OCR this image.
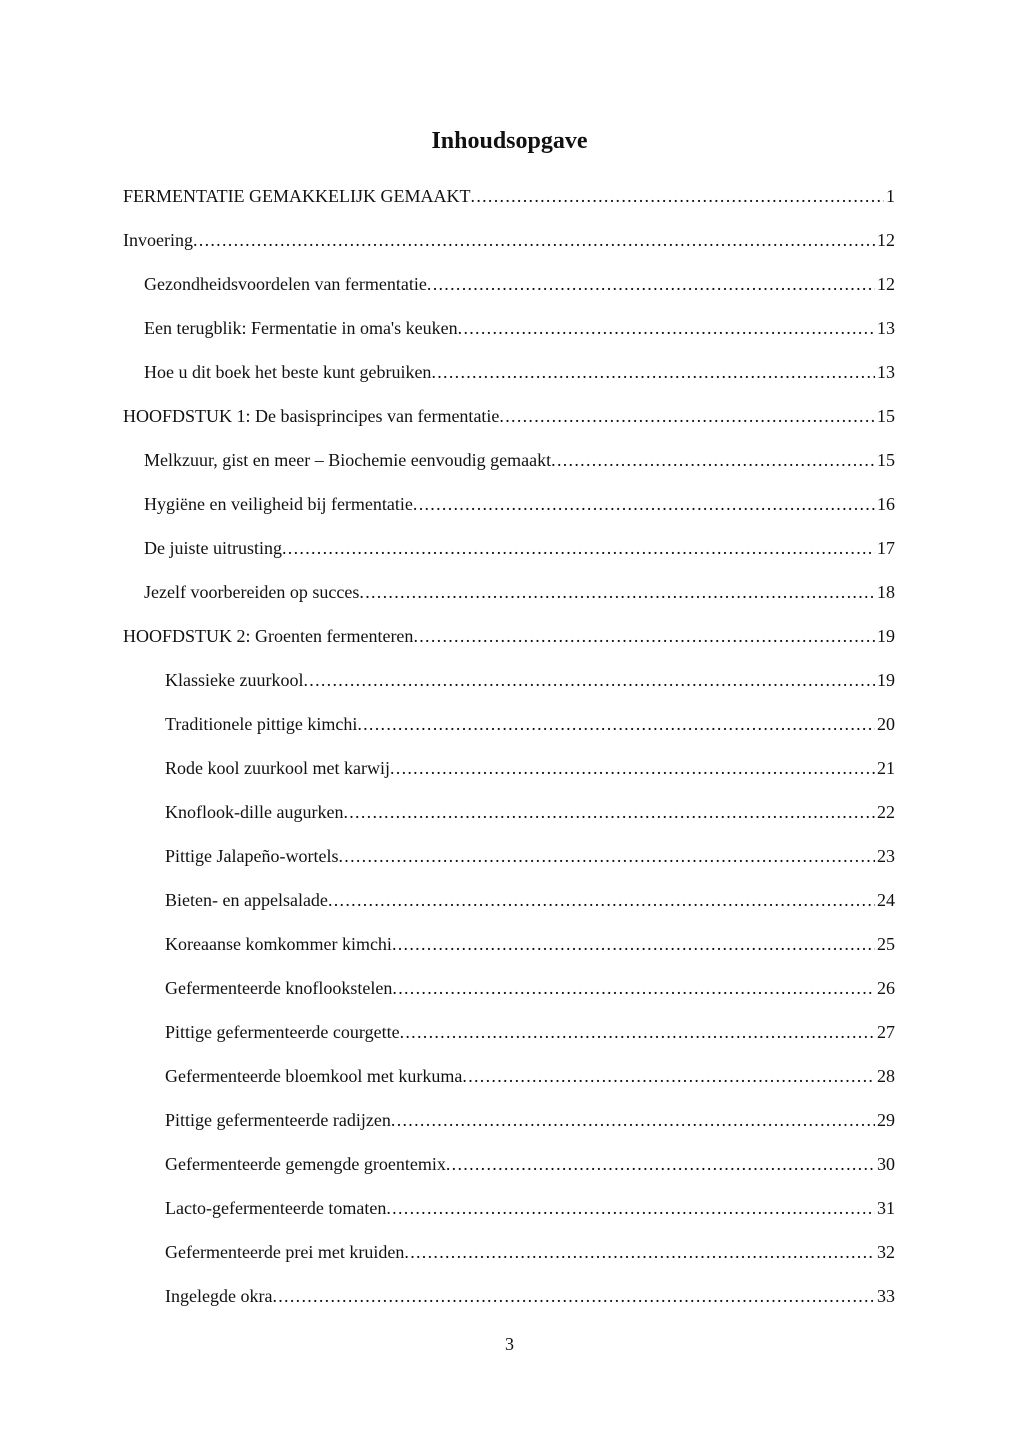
Inhoudsopgave
FERMENTATIE GEMAKKELIJK GEMAAKT . . .	1
Invoering . . .	12
Gezondheidsvoordelen van fermentatie . . .	12
Een terugblik: Fermentatie in oma's keuken . . .	13
Hoe u dit boek het beste kunt gebruiken . . .	13
HOOFDSTUK 1: De basisprincipes van fermentatie . . .	15
Melkzuur, gist en meer – Biochemie eenvoudig gemaakt . . .	15
Hygiëne en veiligheid bij fermentatie . . .	16
De juiste uitrusting . . .	17
Jezelf voorbereiden op succes . . .	18
HOOFDSTUK 2: Groenten fermenteren . . .	19
Klassieke zuurkool . . .	19
Traditionele pittige kimchi . . .	20
Rode kool zuurkool met karwij . . .	21
Knoflook-dille augurken . . .	22
Pittige Jalapeño-wortels . . .	23
Bieten- en appelsalade . . .	24
Koreaanse komkommer kimchi . . .	25
Gefermenteerde knoflookstelen . . .	26
Pittige gefermenteerde courgette . . .	27
Gefermenteerde bloemkool met kurkuma . . .	28
Pittige gefermenteerde radijzen . . .	29
Gefermenteerde gemengde groentemix . . .	30
Lacto-gefermenteerde tomaten . . .	31
Gefermenteerde prei met kruiden . . .	32
Ingelegde okra . . .	33
3
